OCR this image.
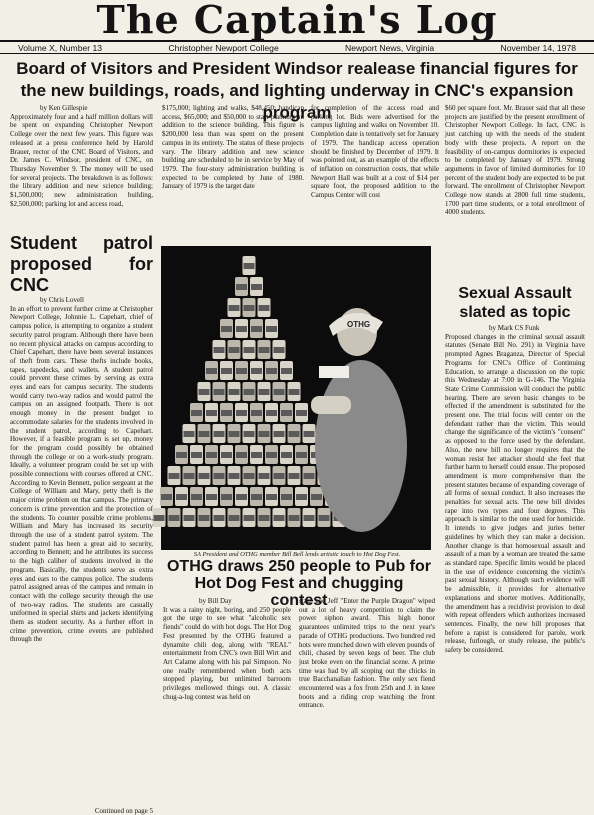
The Captain's Log
Volume X, Number 13	Christopher Newport College	Newport News, Virginia	November 14, 1978
Board of Visitors and President Windsor realease financial figures for the new buildings, roads, and lighting underway in CNC's expansion program
by Ken Gillespie

Approximately four and a half million dollars will be spent on expanding Christopher Newport College over the next few years. This figure was released at a press conference held by Harold Brauer, rector of the CNC Board of Visitors, and Dr. James C. Windsor, president of CNC, on Thursday November 9. The money will be used for several projects. The breakdown is as follows: the library addition and new science building; $1,500,000; new administration building, $2,500,000; parking lot and access road,

$175,000; lighting and walks, $48,450; handicap access, $65,000; and $50,000 to start planning an addition to the science building. This figure is $200,000 less than was spent on the present campus in its entirety. The status of these projects vary. The library addition and new science building are scheduled to be in service by May of 1979. The four-story administration building is expected to be completed by June of 1980. January of 1979 is the target date

for completion of the access road and parking lot. Bids were advertised for the campus lighting and walks on November 10. Completion date is tentatively set for January of 1979. The handicap access operation should be finished by December of 1979. It was pointed out, as an example of the effects of inflation on construction costs, that while Newport Hall was built at a cost of $14 per square foot, the proposed addition to the Campus Center will cost

$60 per square foot. Mr. Brauer said that all these projects are justified by the present enrollment of Christopher Newport College. In fact, CNC is just catching up with the needs of the student body with these projects. A report on the feasibility of on-campus dormitories is expected to be completed by January of 1979. Strong arguments in favor of limited dormitories for 10 percent of the student body are expected to be put forward. The enrollment of Christopher Newport College now stands at 2800 full time students, 1700 part time students, or a total enrollment of 4000 students.

Student patrol proposed for CNC
by Chris Lovell

In an effort to prevent further crime at Christopher Newport College, Johnnie L. Capehart, chief of campus police, is attempting to organize a student security patrol program. Although there have been no recent physical attacks on campus according to Chief Capehart, there have been several instances of theft from cars. These thefts include books, tapes, tapedecks, and wallets. A student patrol could prevent these crimes by serving as extra eyes and ears for campus security. The students would carry two-way radios and would patrol the campus on an assigned footpath. There is not enough money in the present budget to accommodate salaries for the students involved in the student patrol, according to Capehart. However, if a feasible program is set up, money for the program could possibly be obtained through the college or on a work-study program. Ideally, a volunteer program could be set up with possible connections with courses offered at CNC. According to Kevin Bennett, police sergeant at the College of William and Mary, petty theft is the major crime problem on that campus. The primary concern is crime prevention and the protection of the students. To counter possible crime problems, William and Mary has increased its security through the use of a student patrol system. The student patrol has been a great aid to security, according to Bennett; and he attributes its success to the high caliber of students involved in the program. Basically, the students serve as extra eyes and ears to the campus police. The students patrol assigned areas of the campus and remain in contact with the college security through the use of two-way radios. The students are casually uniformed in special shirts and jackets identifying them as student security. As a further effort in crime prevention, crime events are published through the

Continued on page 5
OTHG
SA President and OTHG member Bill Bell lends artistic touch to Hot Dog Fest.
OTHG draws 250 people to Pub for Hot Dog Fest and chugging contest
by Bill Day

It was a rainy night, boring, and 250 people got the urge to see what "alcoholic sex fiends" could do with hot dogs. The Hot Dog Fest presented by the OTHG featured a dynamite chili dog, along with "REAL" entertainment from CNC's own Bill Wirt and Art Calame along with his pal Simpson. No one really remembered when both acts stopped playing, but unlimited barroom privileges mellowed things out. A classic chug-a-lug contest was held on

stage and Jeff "Enter the Purple Dragon" wiped out a lot of heavy competition to claim the power siphon award. This high honor guarantees unlimited trips to the next year's parade of OTHG productions. Two hundred red hots were munched down with eleven pounds of chili, chased by seven kegs of beer. The club just broke even on the financial scene. A prime time was had by all scoping out the chicks in true Bacchanalian fashion. The only sex fiend encountered was a fox from 25th and J. in knee boots and a riding crop watching the front entrance.

Sexual Assault slated as topic
by Mark CS Funk

Proposed changes in the criminal sexual assault statutes (Senate Bill No. 291) in Virginia have prompted Agnes Braganza, Director of Special Programs for CNC's Office of Continuing Education, to arrange a discussion on the topic this Wednesday at 7:00 in G-146. The Virginia State Crime Commission will conduct the public hearing. There are seven basic changes to be effected if the amendment is substituted for the present one. The trial focus will center on the defendant rather than the victim. This would change the significance of the victim's "consent" as opposed to the force used by the defendant. Also, the new bill no longer requires that the woman resist her attacker should she feel that further harm to herself could ensue. The proposed amendment is more comprehensive than the present statutes because of expanding coverage of all forms of sexual conduct. It also increases the penalties for sexual acts. The new bill divides rape into two types and four degrees. This approach is similar to the one used for homicide. It intends to give judges and juries better guidelines by which they can make a decision. Another change is that homosexual assault and assault of a man by a woman are treated the same as standard rape. Specific limits would be placed in the use of evidence concerning the victim's past sexual history. Although such evidence will be admissible, it provides for alternative explanations and shorter motives. Additionally, the amendment has a recidivist provision to deal with repeat offenders which authorizes increased sentences. Finally, the new bill proposes that before a rapist is considered for parole, work release, furlough, or study release, the public's safety be considered.
